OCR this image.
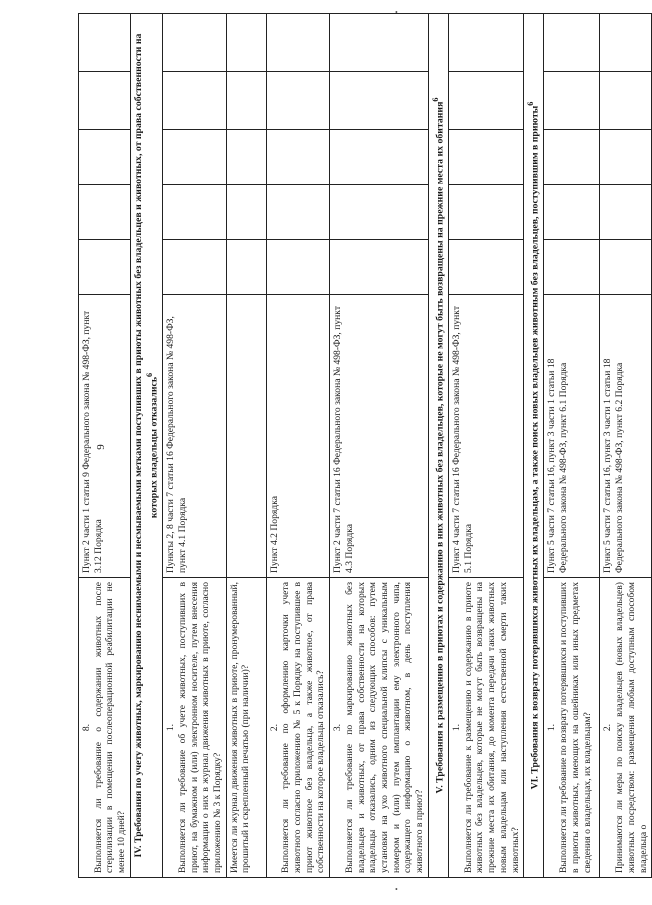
8. Выполняется ли требование о содержании животных после стерилизации в помещении послеоперационной реабилитации не менее 10 дней?	Пункт 2 части 1 статьи 9 Федерального закона № 498-ФЗ, пункт 3.12 Порядка					
IV. Требования по учету животных, маркированию неснимаемыми и несмываемыми метками поступивших в приюты животных без владельцев и животных, от права собственности на которых владельцы отказались$^6$

1. Выполняется ли требование об учете животных, поступивших в приют, на бумажном и (или) электронном носителе, путем внесения информации о них в журнал движения животных в приюте, согласно приложению № 3 к Порядку?	Пункты 2, 8 части 7 статьи 16 Федерального закона № 498-ФЗ, пункт 4.1 Порядка					
Имеется ли журнал движения животных в приюте, пронумерованный, прошитый и скрепленный печатью (при наличии)?						

2. Выполняется ли требование по оформлению карточки учета животного согласно приложению № 5 к Порядку на поступившее в приют животное без владельца, а также животное, от права собственности на которое владельцы отказались?	Пункт 4.2 Порядка					

3. Выполняется ли требование по маркированию животных без владельцев и животных, от права собственности на которых владельцы отказались, одним из следующих способов: путем установки на ухо животного специальной клипсы с уникальным номером и (или) путем имплантации ему электронного чипа, содержащего информацию о животном, в день поступления животного в приют?	Пункт 2 части 7 статьи 16 Федерального закона № 498-ФЗ, пункт 4.3 Порядка					
V. Требования к размещению в приютах и содержанию в них животных без владельцев, которые не могут быть возвращены на прежние места их обитания$^6$

1. Выполняется ли требование к размещению и содержанию в приюте животных без владельцев, которые не могут быть возвращены на прежние места их обитания, до момента передачи таких животных новым владельцам или наступления естественной смерти таких животных?	Пункт 4 части 7 статьи 16 Федерального закона № 498-ФЗ, пункт 5.1 Порядка					
VI. Требования к возврату потерявшихся животных их владельцам, а также поиск новых владельцев животным без владельцев, поступившим в приюты$^6$

1. Выполняется ли требование по возврату потерявшихся и поступивших в приюты животных, имеющих на ошейниках или иных предметах сведения о владельцах, их владельцам?	Пункт 5 части 7 статьи 16, пункт 3 части 1 статьи 18 Федерального закона № 498-ФЗ, пункт 6.1 Порядка					

2. Принимаются ли меры по поиску владельцев (новых владельцев) животных посредством: размещения любым доступным способом владельца о	Пункт 5 части 7 статьи 16, пункт 3 части 1 статьи 18 Федерального закона № 498-ФЗ, пункт 6.2 Порядка					
9
•
•
